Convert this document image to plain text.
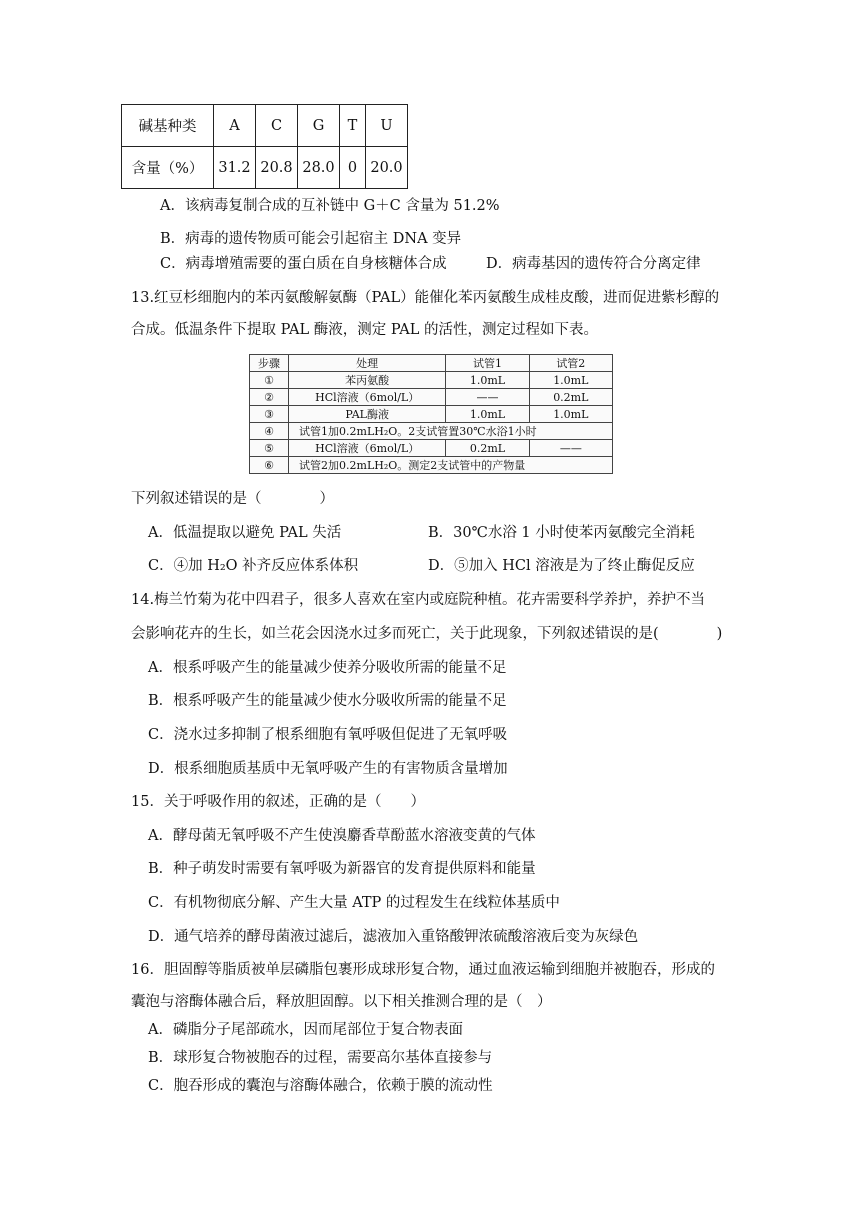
碱基种类	A	C	G	T	U
含量（%）	31.2	20.8	28.0	0	20.0
A．该病毒复制合成的互补链中 G＋C 含量为 51.2%
B．病毒的遗传物质可能会引起宿主 DNA 变异
C．病毒增殖需要的蛋白质在自身核糖体合成	D．病毒基因的遗传符合分离定律
13.红豆杉细胞内的苯丙氨酸解氨酶（PAL）能催化苯丙氨酸生成桂皮酸，进而促进紫杉醇的
合成。低温条件下提取 PAL 酶液，测定 PAL 的活性，测定过程如下表。
步骤	处理	试管1	试管2
①	苯丙氨酸	1.0mL	1.0mL
②	HCl溶液（6mol/L）	——	0.2mL
③	PAL酶液	1.0mL	1.0mL
④	试管1加0.2mLH₂O。2支试管置30℃水浴1小时		
⑤	HCl溶液（6mol/L）	0.2mL	——
⑥	试管2加0.2mLH₂O。测定2支试管中的产物量		
下列叙述错误的是（　　　　）
A．低温提取以避免 PAL 失活	B．30℃水浴 1 小时使苯丙氨酸完全消耗
C．④加 H₂O 补齐反应体系体积	D．⑤加入 HCl 溶液是为了终止酶促反应
14.梅兰竹菊为花中四君子，很多人喜欢在室内或庭院种植。花卉需要科学养护，养护不当
会影响花卉的生长，如兰花会因浇水过多而死亡，关于此现象，下列叙述错误的是(　　　　)
A．根系呼吸产生的能量减少使养分吸收所需的能量不足
B．根系呼吸产生的能量减少使水分吸收所需的能量不足
C．浇水过多抑制了根系细胞有氧呼吸但促进了无氧呼吸
D．根系细胞质基质中无氧呼吸产生的有害物质含量增加
15．关于呼吸作用的叙述，正确的是（　　）
A．酵母菌无氧呼吸不产生使溴麝香草酚蓝水溶液变黄的气体
B．种子萌发时需要有氧呼吸为新器官的发育提供原料和能量
C．有机物彻底分解、产生大量 ATP 的过程发生在线粒体基质中
D．通气培养的酵母菌液过滤后，滤液加入重铬酸钾浓硫酸溶液后变为灰绿色
16．胆固醇等脂质被单层磷脂包裹形成球形复合物，通过血液运输到细胞并被胞吞，形成的
囊泡与溶酶体融合后，释放胆固醇。以下相关推测合理的是（　）
A．磷脂分子尾部疏水，因而尾部位于复合物表面
B．球形复合物被胞吞的过程，需要高尔基体直接参与
C．胞吞形成的囊泡与溶酶体融合，依赖于膜的流动性
